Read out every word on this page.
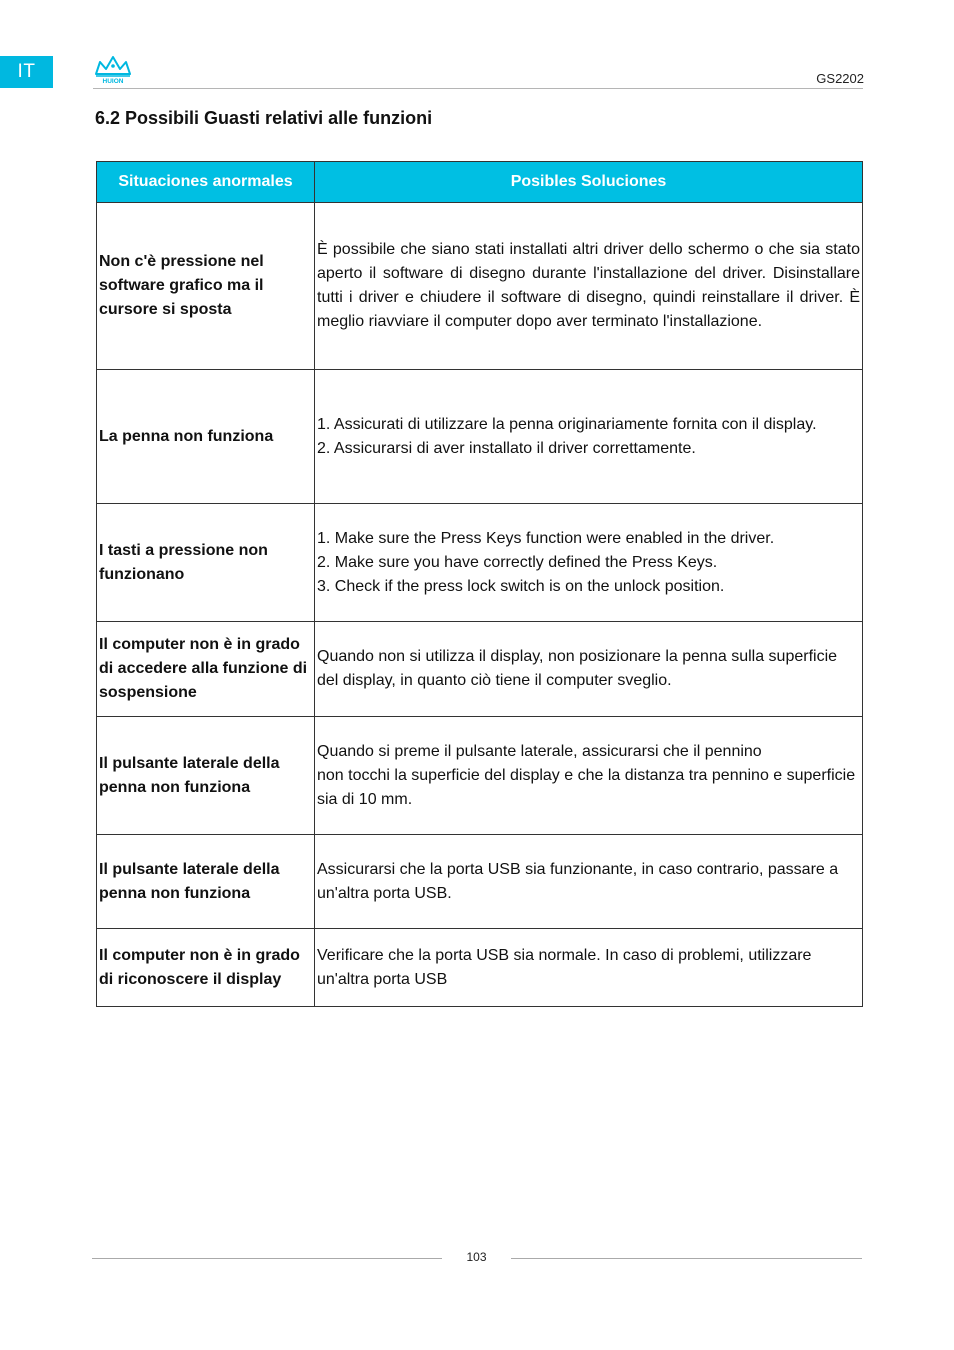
IT	HUION	GS2202
6.2 Possibili Guasti relativi alle funzioni
Situaciones anormales	Posibles Soluciones
Non c'è pressione nel software grafico ma il cursore si sposta	È possibile che siano stati installati altri driver dello schermo o che sia stato aperto il software di disegno durante l'installazione del driver. Disinstallare tutti i driver e chiudere il software di disegno, quindi reinstallare il driver. È meglio riavviare il computer dopo aver terminato l'installazione.
La penna non funziona	1. Assicurati di utilizzare la penna originariamente fornita con il display.
2. Assicurarsi di aver installato il driver correttamente.

I tasti a pressione non funzionano	1. Make sure the Press Keys function were enabled in the driver.
2. Make sure you have correctly defined the Press Keys.
3. Check if the press lock switch is on the unlock position.

Il computer non è in grado di accedere alla funzione di sospensione	Quando non si utilizza il display, non posizionare la penna sulla superficie del display, in quanto ciò tiene il computer sveglio.
Il pulsante laterale della penna non funziona	Quando si preme il pulsante laterale, assicurarsi che il pennino
non tocchi la superficie del display e che la distanza tra pennino e superficie sia di 10 mm.

Il pulsante laterale della penna non funziona	Assicurarsi che la porta USB sia funzionante, in caso contrario, passare a un'altra porta USB.
Il computer non è in grado di riconoscere il display	Verificare che la porta USB sia normale. In caso di problemi, utilizzare un'altra porta USB
103
